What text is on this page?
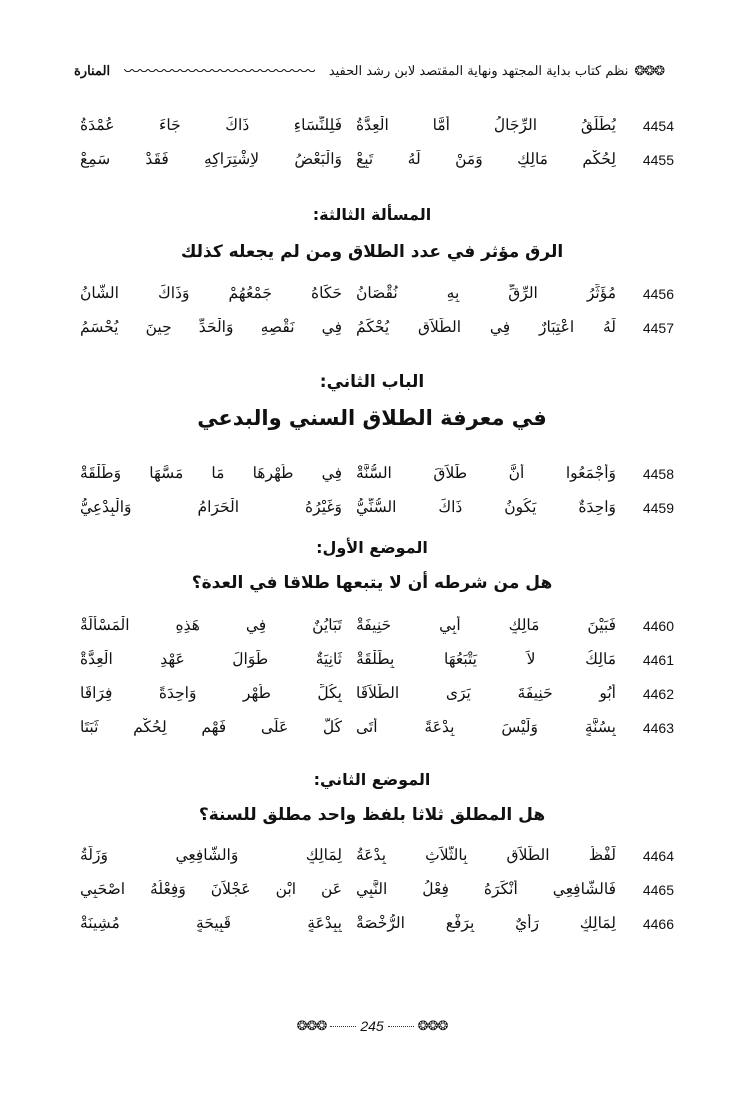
❂❂❂
نظم كتاب بداية المجتهد ونهاية المقتصد لابن رشد الحفيد
المنارة
4454
يُطَلِّقُ الرِّجَالُ أَمَّا الْعِدَّةُ
فَلِلنِّسَاءِ ذَاكَ جَاءَ عُمْدَةُ
4455
لِحُكْمِ مَالِكٍ وَمَنْ لَهُ تَبِعْ
وَالْبَعْضُ لاِشْتِرَاكِهِ فَقَدْ سَمِعْ
المسألة الثالثة:
الرق مؤثر في عدد الطلاق ومن لم يجعله كذلك
4456
مُؤَثِّرُ الرِّقِّ بِهِ نُقْصَانُ
حَكَاهُ جَمْعُهُمْ وَذَاكَ الشَّانُ
4457
لَهُ اعْتِبَارٌ فِي الطَّلاَقِ يُحْكَمُ
فِي نَقْصِهِ وَالْحَدِّ حِينَ يُحْسَمُ
الباب الثاني:
في معرفة الطلاق السني والبدعي
4458
وَأَجْمَعُوا أَنَّ طَلاَقَ السُّنَّةْ
فِي طُهْرِهَا مَا مَسَّهَا وَطَلْقَةْ
4459
وَاحِدَةٌ يَكُونُ ذَاكَ السُّنِّيُّ
وَغَيْرُهُ الْحَرَامُ وَالْبِدْعِيُّ
الموضع الأول:
هل من شرطه أن لا يتبعها طلاقا في العدة؟
4460
فَبَيْنَ مَالِكٍ أَبِي حَنِيفَةْ
تَبَايُنٌ فِي هَذِهِ الْمَسْأَلَةْ
4461
مَالِكُ لاَ يَتْبَعُهَا بِطَلْقَةْ
ثَانِيَةٌ طَوَالَ عَهْدِ الْعِدَّةْ
4462
أَبُو حَنِيفَةَ يَرَى الطَّلاَقَا
بِكُلِّ طُهْرٍ وَاحِدَةً فِرَاقَا
4463
بِسُنَّةٍ وَلَيْسَ بِدْعَةً أَتَى
كُلٌّ عَلَى فَهْمٍ لِحُكْمٍ ثَبَتَا
الموضع الثاني:
هل المطلق ثلاثا بلفظ واحد مطلق للسنة؟
4464
لَفْظُ الطَّلاَقِ بِالثَّلاَثِ بِدْعَةُ
لِمَالِكٍ وَالشَّافِعِي وَزَلَّةُ
4465
فَالشَّافِعِي أَنْكَرَهُ فِعْلُ النَّبِي
عَنِ ابْنِ عَجْلاَنَ وَفِعْلُهُ اصْحَبِي
4466
لِمَالِكٍ رَأْيٌ بِرَفْعِ الرُّخْصَةْ
بِبِدْعَةٍ قَبِيحَةٍ مُشِينَةْ
❂❂❂ 245	❂❂❂
